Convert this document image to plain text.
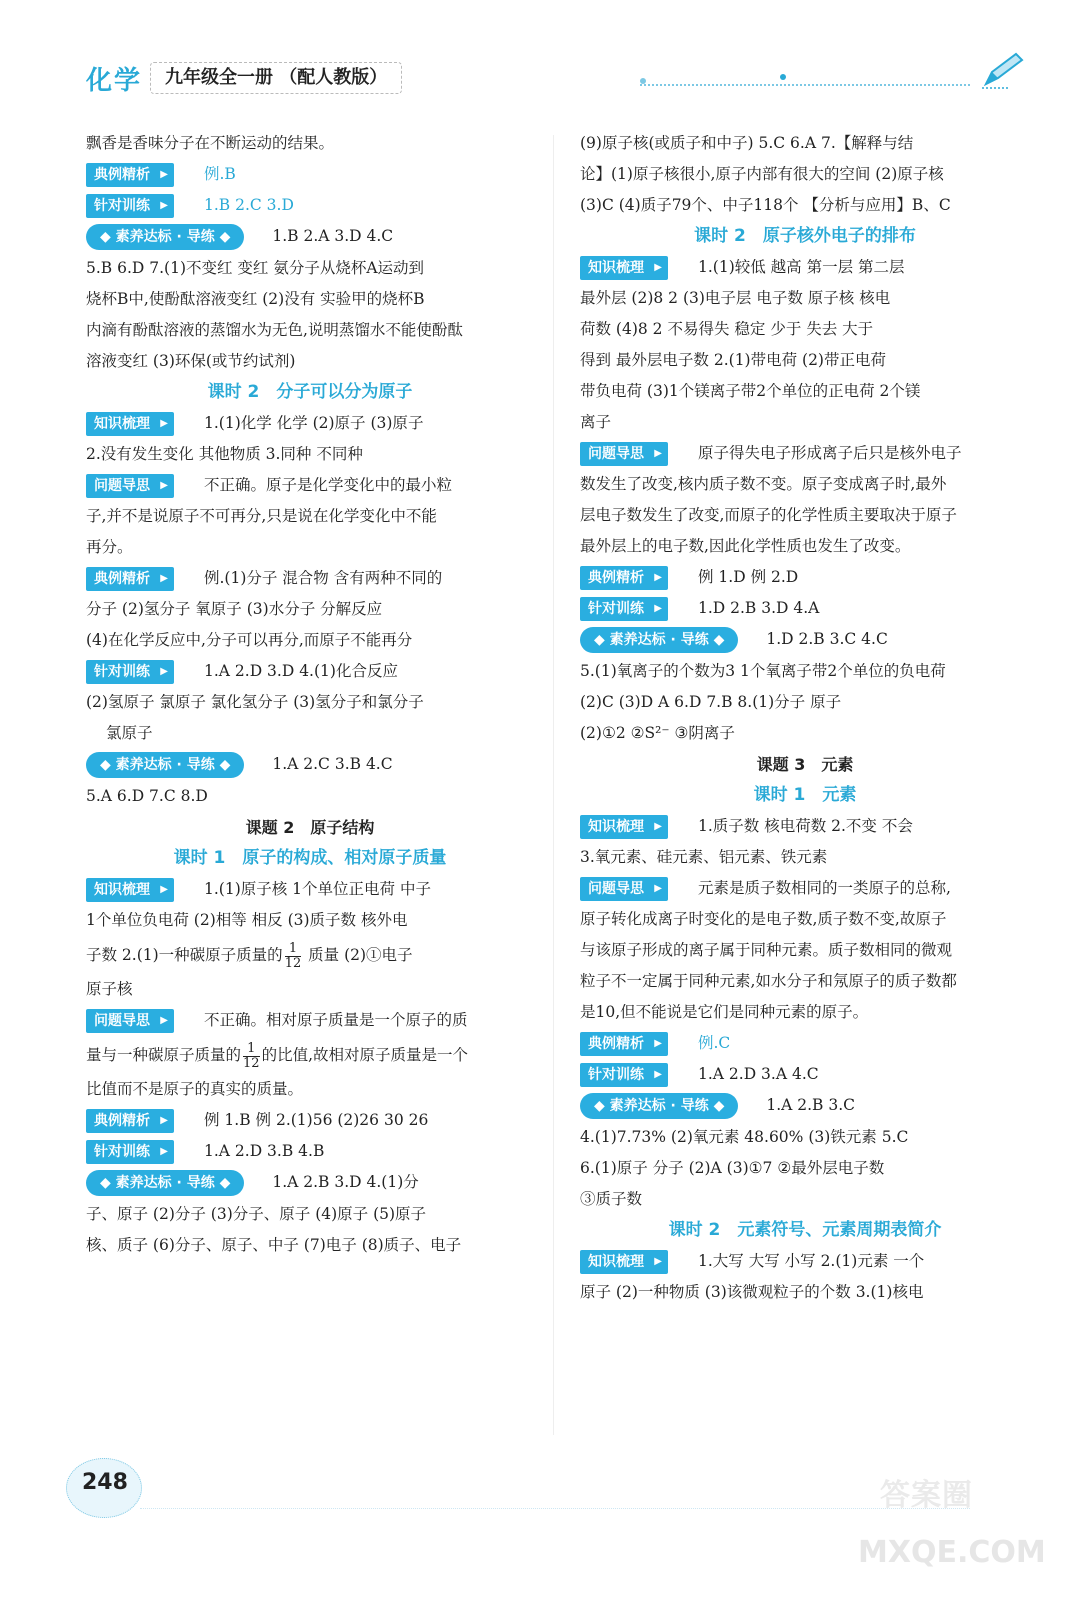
化学	九年级全一册 （配人教版）

飘香是香味分子在不断运动的结果。

典例精析 ▶	例.B

针对训练 ▶	1.B 2.C 3.D

◆ 素养达标 · 导练 ◆	1.B 2.A 3.D 4.C

5.B 6.D 7.(1)不变红 变红 氨分子从烧杯A运动到

烧杯B中,使酚酞溶液变红 (2)没有 实验甲的烧杯B

内滴有酚酞溶液的蒸馏水为无色,说明蒸馏水不能使酚酞

溶液变红 (3)环保(或节约试剂)

课时 2　分子可以分为原子

知识梳理 ▶	1.(1)化学 化学 (2)原子 (3)原子

2.没有发生变化 其他物质 3.同种 不同种

问题导思 ▶	不正确。原子是化学变化中的最小粒

子,并不是说原子不可再分,只是说在化学变化中不能

再分。

典例精析 ▶	例.(1)分子 混合物 含有两种不同的

分子 (2)氢分子 氧原子 (3)水分子 分解反应

(4)在化学反应中,分子可以再分,而原子不能再分

针对训练 ▶	1.A 2.D 3.D 4.(1)化合反应

(2)氢原子 氯原子 氯化氢分子 (3)氢分子和氯分子

氯原子

◆ 素养达标 · 导练 ◆	1.A 2.C 3.B 4.C

5.A 6.D 7.C 8.D

课题 2　原子结构

课时 1　原子的构成、相对原子质量

知识梳理 ▶	1.(1)原子核 1个单位正电荷 中子

1个单位负电荷 (2)相等 相反 (3)质子数 核外电

子数 2.(1)一种碳原子质量的 $\frac{1}{12}$ 质量 (2)①电子

原子核

问题导思 ▶	不正确。相对原子质量是一个原子的质

量与一种碳原子质量的 $\frac{1}{12}$ 的比值,故相对原子质量是一个

比值而不是原子的真实的质量。

典例精析 ▶	例 1.B 例 2.(1)56 (2)26 30 26

针对训练 ▶	1.A 2.D 3.B 4.B

◆ 素养达标 · 导练 ◆	1.A 2.B 3.D 4.(1)分

子、原子 (2)分子 (3)分子、原子 (4)原子 (5)原子

核、质子 (6)分子、原子、中子 (7)电子 (8)质子、电子

(9)原子核(或质子和中子) 5.C 6.A 7.【解释与结

论】(1)原子核很小,原子内部有很大的空间 (2)原子核

(3)C (4)质子79个、中子118个 【分析与应用】B、C

课时 2　原子核外电子的排布

知识梳理 ▶	1.(1)较低 越高 第一层 第二层

最外层 (2)8 2 (3)电子层 电子数 原子核 核电

荷数 (4)8 2 不易得失 稳定 少于 失去 大于

得到 最外层电子数 2.(1)带电荷 (2)带正电荷

带负电荷 (3)1个镁离子带2个单位的正电荷 2个镁

离子

问题导思 ▶	原子得失电子形成离子后只是核外电子

数发生了改变,核内质子数不变。原子变成离子时,最外

层电子数发生了改变,而原子的化学性质主要取决于原子

最外层上的电子数,因此化学性质也发生了改变。

典例精析 ▶	例 1.D 例 2.D

针对训练 ▶	1.D 2.B 3.D 4.A

◆ 素养达标 · 导练 ◆	1.D 2.B 3.C 4.C

5.(1)氧离子的个数为3 1个氧离子带2个单位的负电荷

(2)C (3)D A 6.D 7.B 8.(1)分子 原子

(2)①2 ②S²⁻ ③阴离子

课题 3　元素

课时 1　元素

知识梳理 ▶	1.质子数 核电荷数 2.不变 不会

3.氧元素、硅元素、铝元素、铁元素

问题导思 ▶	元素是质子数相同的一类原子的总称,

原子转化成离子时变化的是电子数,质子数不变,故原子

与该原子形成的离子属于同种元素。质子数相同的微观

粒子不一定属于同种元素,如水分子和氖原子的质子数都

是10,但不能说是它们是同种元素的原子。

典例精析 ▶	例.C

针对训练 ▶	1.A 2.D 3.A 4.C

◆ 素养达标 · 导练 ◆	1.A 2.B 3.C

4.(1)7.73% (2)氧元素 48.60% (3)铁元素 5.C

6.(1)原子 分子 (2)A (3)①7 ②最外层电子数

③质子数

课时 2　元素符号、元素周期表简介

知识梳理 ▶	1.大写 大写 小写 2.(1)元素 一个

原子 (2)一种物质 (3)该微观粒子的个数 3.(1)核电

248	答案圈
MXQE.COM
